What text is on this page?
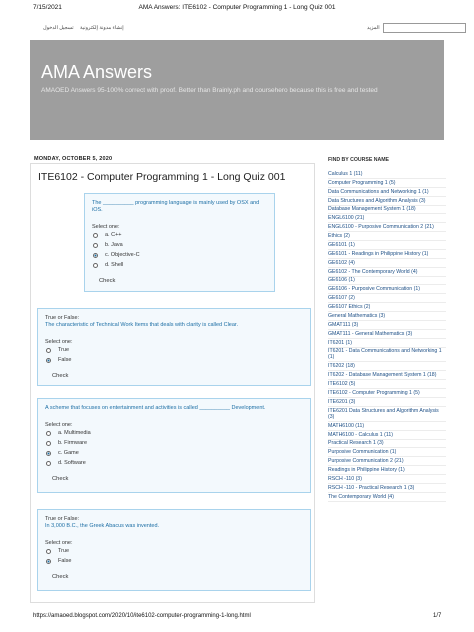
7/15/2021	AMA Answers: ITE6102 - Computer Programming 1 - Long Quiz 001
إنشاء مدونة إلكترونية تسجيل الدخول	المزيد
AMA Answers
AMAOED Answers 95-100% correct with proof. Better than Brainly.ph and coursehero because this is free and tested
MONDAY, OCTOBER 5, 2020
ITE6102 - Computer Programming 1 - Long Quiz 001
The __________ programming language is mainly used by OSX and iOS.
Select one:
a. C++
b. Java
c. Objective-C
d. Shell
Check
True or False:
The characteristic of Technical Work Items that deals with clarity is called Clear.
Select one:
True
False
Check
A scheme that focuses on entertainment and activities is called __________ Development.
Select one:
a. Multimedia
b. Firmware
c. Game
d. Software
Check
True or False:
In 3,000 B.C., the Greek Abacus was invented.
Select one:
True
False
Check
FIND BY COURSE NAME
Calculus 1 (11)
Computer Programming 1 (5)
Data Communications and Networking 1 (1)
Data Structures and Algorithm Analysis (3)
Database Management System 1 (18)
ENGL6100 (21)
ENGL6100 - Purposive Communication 2 (21)
Ethics (2)
GE6101 (1)
GE6101 - Readings in Philippine History (1)
GE6102 (4)
GE6102 - The Contemporary World (4)
GE6106 (1)
GE6106 - Purposive Communication (1)
GE6107 (2)
GE6107 Ethics (2)
General Mathematics (3)
GMAT111 (3)
GMAT111 - General Mathematics (3)
IT6201 (1)
IT6201 - Data Communications and Networking 1 (1)
IT6202 (18)
IT6202 - Database Management System 1 (18)
ITE6102 (5)
ITE6102 - Computer Programming 1 (5)
ITE6201 (3)
ITE6201 Data Structures and Algorithm Analysis (3)
MATH6100 (11)
MATH6100 - Calculus 1 (11)
Practical Research 1 (3)
Purposive Communication (1)
Purposive Communication 2 (21)
Readings in Philippine History (1)
RSCH -110 (3)
RSCH -110 - Practical Research 1 (3)
The Contemporary World (4)
https://amaoed.blogspot.com/2020/10/ite6102-computer-programming-1-long.html	1/7
